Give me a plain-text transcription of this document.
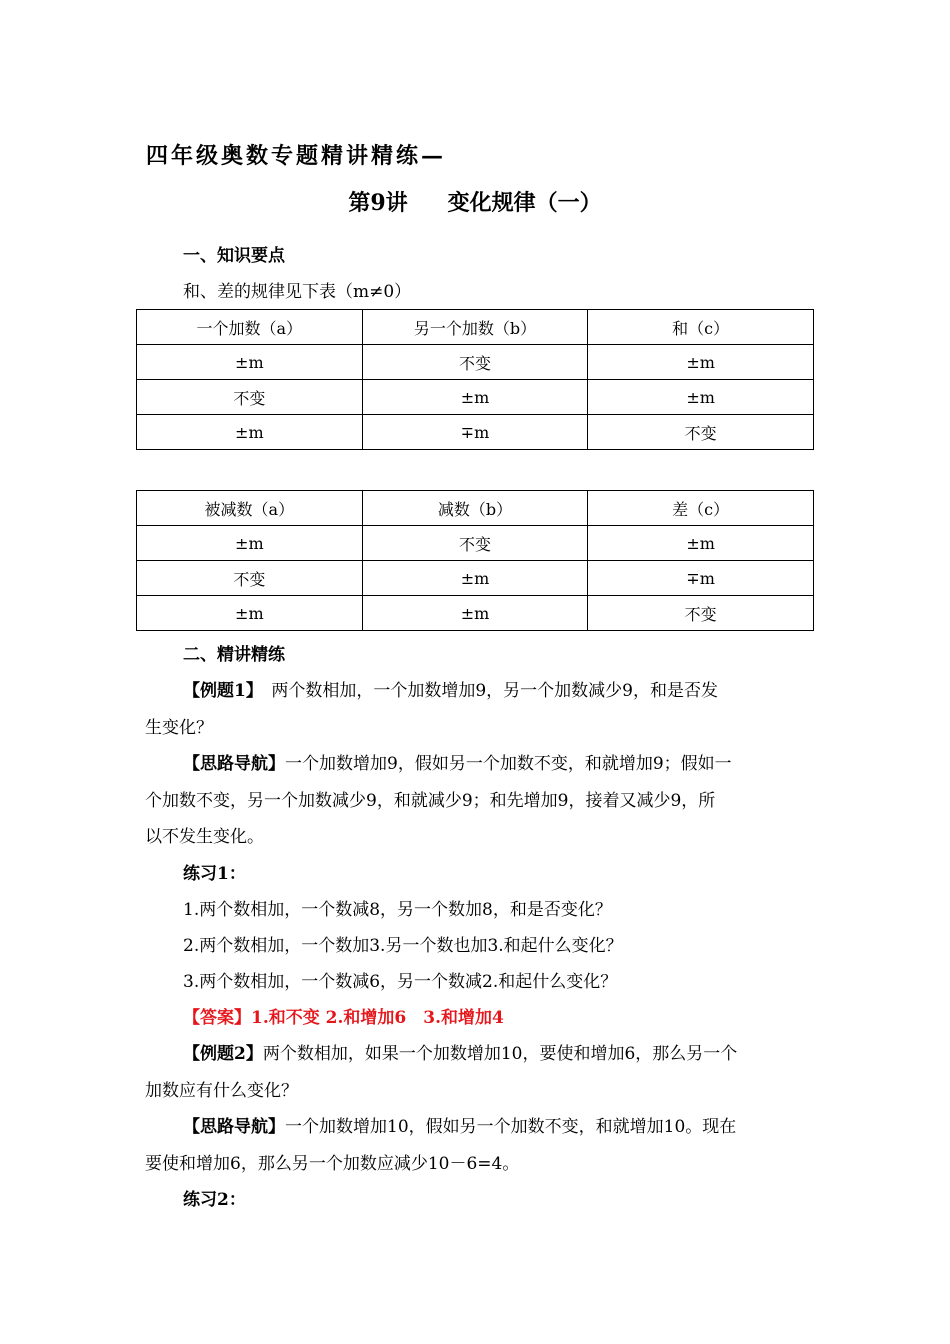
四年级奥数专题精讲精练—
第9讲 变化规律（一）
一、知识要点
和、差的规律见下表（m≠0）
一个加数（a）	另一个加数（b）	和（c）
±m	不变	±m
不变	±m	±m
±m	∓m	不变
被减数（a）	减数（b）	差（c）
±m	不变	±m
不变	±m	∓m
±m	±m	不变
二、精讲精练
【例题1】　两个数相加，一个加数增加9，另一个加数减少9，和是否发
生变化？
【思路导航】一个加数增加9，假如另一个加数不变，和就增加9；假如一
个加数不变，另一个加数减少9，和就减少9；和先增加9，接着又减少9，所
以不发生变化。
练习1：
1.两个数相加，一个数减8，另一个数加8，和是否变化？
2.两个数相加，一个数加3.另一个数也加3.和起什么变化？
3.两个数相加，一个数减6，另一个数减2.和起什么变化？
【答案】1.和不变 2.和增加6　3.和增加4
【例题2】两个数相加，如果一个加数增加10，要使和增加6，那么另一个
加数应有什么变化？
【思路导航】一个加数增加10，假如另一个加数不变，和就增加10。现在
要使和增加6，那么另一个加数应减少10－6=4。
练习2：
